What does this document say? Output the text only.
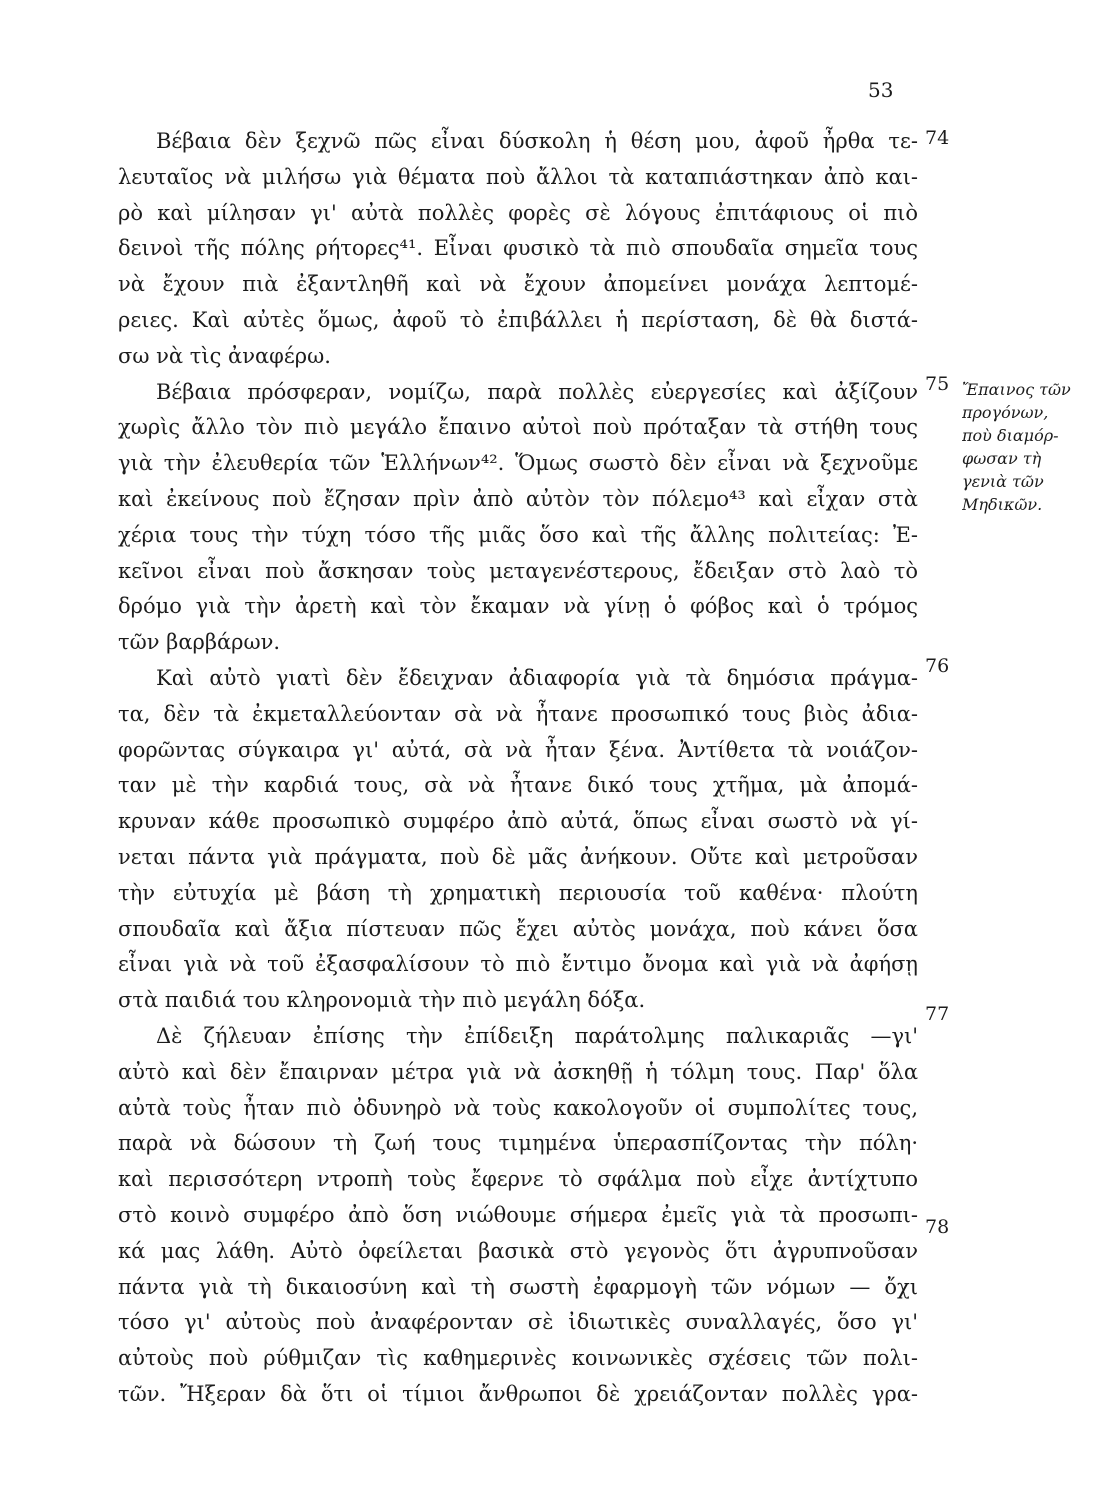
53
Βέβαια δὲν ξεχνῶ πῶς εἶναι δύσκολη ἡ θέση μου, ἀφοῦ ἦρθα τε-
λευταῖος νὰ μιλήσω γιὰ θέματα ποὺ ἄλλοι τὰ καταπιάστηκαν ἀπὸ και-
ρὸ καὶ μίλησαν γι' αὐτὰ πολλὲς φορὲς σὲ λόγους ἐπιτάφιους οἱ πιὸ
δεινοὶ τῆς πόλης ρήτορες⁴¹. Εἶναι φυσικὸ τὰ πιὸ σπουδαῖα σημεῖα τους
νὰ ἔχουν πιὰ ἐξαντληθῆ καὶ νὰ ἔχουν ἀπομείνει μονάχα λεπτομέ-
ρειες. Καὶ αὐτὲς ὅμως, ἀφοῦ τὸ ἐπιβάλλει ἡ περίσταση, δὲ θὰ διστά-
σω νὰ τὶς ἀναφέρω.
Βέβαια πρόσφεραν, νομίζω, παρὰ πολλὲς εὐεργεσίες καὶ ἀξίζουν
χωρὶς ἄλλο τὸν πιὸ μεγάλο ἔπαινο αὐτοὶ ποὺ πρόταξαν τὰ στήθη τους
γιὰ τὴν ἐλευθερία τῶν Ἑλλήνων⁴². Ὅμως σωστὸ δὲν εἶναι νὰ ξεχνοῦμε
καὶ ἐκείνους ποὺ ἔζησαν πρὶν ἀπὸ αὐτὸν τὸν πόλεμο⁴³ καὶ εἶχαν στὰ
χέρια τους τὴν τύχη τόσο τῆς μιᾶς ὅσο καὶ τῆς ἄλλης πολιτείας: Ἐ-
κεῖνοι εἶναι ποὺ ἄσκησαν τοὺς μεταγενέστερους, ἔδειξαν στὸ λαὸ τὸ
δρόμο γιὰ τὴν ἀρετὴ καὶ τὸν ἔκαμαν νὰ γίνῃ ὁ φόβος καὶ ὁ τρόμος
τῶν βαρβάρων.
Καὶ αὐτὸ γιατὶ δὲν ἔδειχναν ἀδιαφορία γιὰ τὰ δημόσια πράγμα-
τα, δὲν τὰ ἐκμεταλλεύονταν σὰ νὰ ἦτανε προσωπικό τους βιὸς ἀδια-
φορῶντας σύγκαιρα γι' αὐτά, σὰ νὰ ἦταν ξένα. Ἀντίθετα τὰ νοιάζον-
ταν μὲ τὴν καρδιά τους, σὰ νὰ ἦτανε δικό τους χτῆμα, μὰ ἀπομά-
κρυναν κάθε προσωπικὸ συμφέρο ἀπὸ αὐτά, ὅπως εἶναι σωστὸ νὰ γί-
νεται πάντα γιὰ πράγματα, ποὺ δὲ μᾶς ἀνήκουν. Οὔτε καὶ μετροῦσαν
τὴν εὐτυχία μὲ βάση τὴ χρηματικὴ περιουσία τοῦ καθένα· πλούτη
σπουδαῖα καὶ ἄξια πίστευαν πῶς ἔχει αὐτὸς μονάχα, ποὺ κάνει ὅσα
εἶναι γιὰ νὰ τοῦ ἐξασφαλίσουν τὸ πιὸ ἔντιμο ὄνομα καὶ γιὰ νὰ ἀφήσῃ
στὰ παιδιά του κληρονομιὰ τὴν πιὸ μεγάλη δόξα.
Δὲ ζήλευαν ἐπίσης τὴν ἐπίδειξη παράτολμης παλικαριᾶς —γι'
αὐτὸ καὶ δὲν ἔπαιρναν μέτρα γιὰ νὰ ἀσκηθῇ ἡ τόλμη τους. Παρ' ὅλα
αὐτὰ τοὺς ἦταν πιὸ ὀδυνηρὸ νὰ τοὺς κακολογοῦν οἱ συμπολίτες τους,
παρὰ νὰ δώσουν τὴ ζωή τους τιμημένα ὑπερασπίζοντας τὴν πόλη·
καὶ περισσότερη ντροπὴ τοὺς ἔφερνε τὸ σφάλμα ποὺ εἶχε ἀντίχτυπο
στὸ κοινὸ συμφέρο ἀπὸ ὅση νιώθουμε σήμερα ἐμεῖς γιὰ τὰ προσωπι-
κά μας λάθη. Αὐτὸ ὀφείλεται βασικὰ στὸ γεγονὸς ὅτι ἀγρυπνοῦσαν
πάντα γιὰ τὴ δικαιοσύνη καὶ τὴ σωστὴ ἐφαρμογὴ τῶν νόμων — ὄχι
τόσο γι' αὐτοὺς ποὺ ἀναφέρονταν σὲ ἰδιωτικὲς συναλλαγές, ὅσο γι'
αὐτοὺς ποὺ ρύθμιζαν τὶς καθημερινὲς κοινωνικὲς σχέσεις τῶν πολι-
τῶν. Ἤξεραν δὰ ὅτι οἱ τίμιοι ἄνθρωποι δὲ χρειάζονταν πολλὲς γρα-
74
75
76
77
78
Ἔπαινος τῶν
προγόνων,
ποὺ διαμόρ-
φωσαν τὴ
γενιὰ τῶν
Μηδικῶν.
